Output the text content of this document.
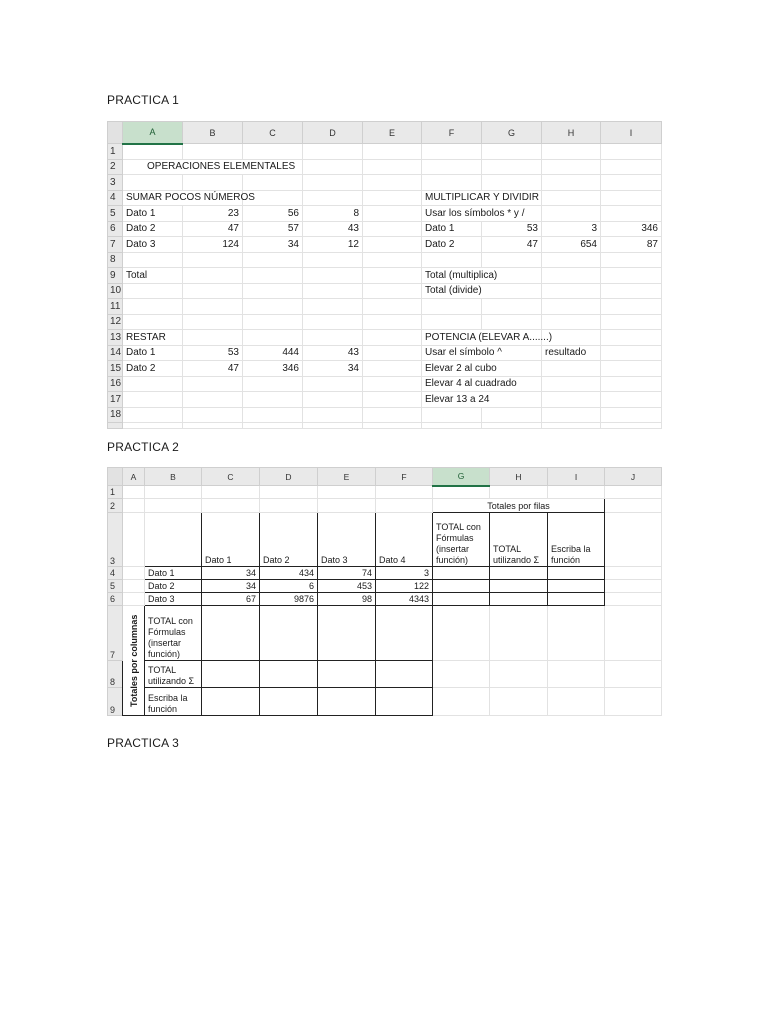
PRACTICA 1
	A	B	C	D	E	F	G	H	I
1									
2	OPERACIONES ELEMENTALES								
3									
4	SUMAR POCOS NÚMEROS					MULTIPLICAR Y DIVIDIR			
5	Dato 1	23	56	8		Usar los símbolos * y /			
6	Dato 2	47	57	43		Dato 1	53	3	346
7	Dato 3	124	34	12		Dato 2	47	654	87
8									
9	Total					Total (multiplica)			
10						Total (divide)			
11									
12									
13	RESTAR					POTENCIA (ELEVAR A.......)			
14	Dato 1	53	444	43		Usar el símbolo ^		resultado	
15	Dato 2	47	346	34		Elevar 2 al cubo			
16						Elevar 4 al cuadrado			
17						Elevar 13 a 24			
18									

PRACTICA 2
	A	B	C	D	E	F	G	H	I	J
1										
2							Totales por filas			
3			Dato 1	Dato 2	Dato 3	Dato 4	TOTAL con Fórmulas (insertar función)	TOTAL utilizando Σ	Escriba la función	
4		Dato 1	34	434	74	3				
5		Dato 2	34	6	453	122				
6		Dato 3	67	9876	98	4343				
7	Totales por columnas	TOTAL con Fórmulas (insertar función)								
8		TOTAL utilizando Σ								
9		Escriba la función								
PRACTICA 3
